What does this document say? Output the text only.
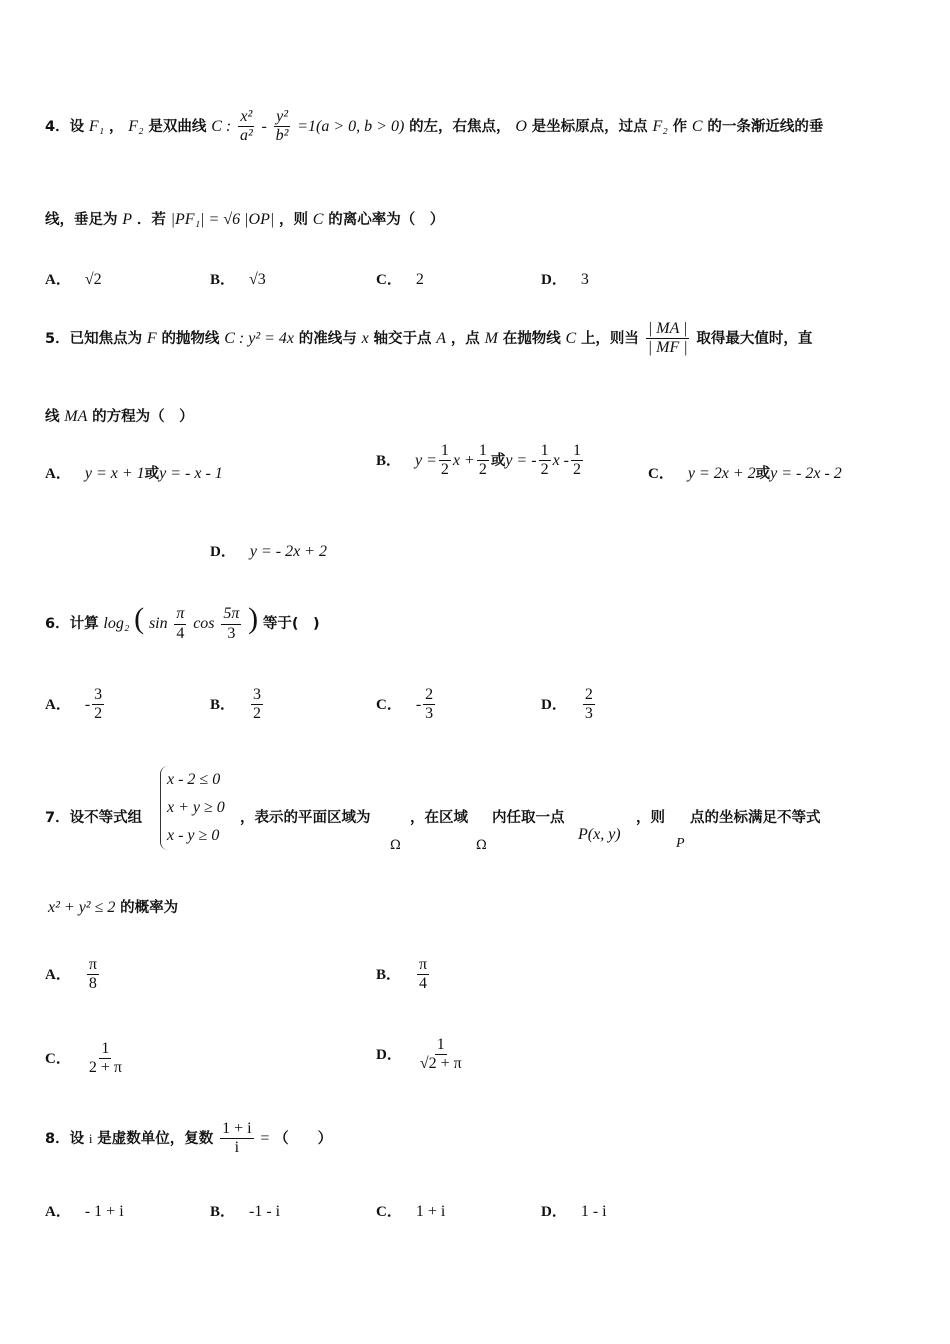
4．设 F₁ ， F₂ 是双曲线 C : $\frac{\text{x²}}{\text{a²}} - \frac{\text{y²}}{\text{b²}} =1(a > 0$, b > 0) 的左，右焦点， O 是坐标原点，过点 F₂ 作 C 的一条渐近线的垂
线，垂足为 P ．若 |PF₁| = √6 |OP| ，则 C 的离心率为（　）
A． √2	B． √3	C． 2	D． 3
5．已知焦点为 F 的抛物线 C : y² = 4x 的准线与 x 轴交于点 A ，点 M 在抛物线 C 上，则当 $\frac{| MA |}{| MF |}$ 取得最大值时，直
线 MA 的方程为（　）
A． y = x + 1或y = - x - 1
B． $y = \frac{1}{2}$ $x + \frac{1}{2}$ 或y = - $\frac{1}{2}$ x - $\frac{1}{2}$	C． y = 2x + 2或y = - 2x - 2
D． y = - 2x + 2
6．计算 log₂ ( $\sin \frac{\pi}{4}$ $\cos \frac{5\pi}{3}$ ) 等于(　)
A． - $\frac{3}{2}$	B． $\frac{3}{2}$	C． - $\frac{2}{3}$	D． $\frac{2}{3}$
7．设不等式组
x - 2 ≤ 0
x + y ≥ 0
x - y ≥ 0
，表示的平面区域为
Ω
，在区域
Ω
内任取一点
P(x, y)
，则
P
点的坐标满足不等式
x² + y² ≤ 2 的概率为
A． $\frac{\pi}{8}$	B． $\frac{\pi}{4}$
C． $\frac{1}{2 + \pi}$	D． $\frac{1}{√2 + \pi}$
8．设 i 是虚数单位，复数 $\frac{1 + i}{i}$ = （　　）
A． - 1 + i	B． -1 - i	C． 1 + i	D． 1 - i
